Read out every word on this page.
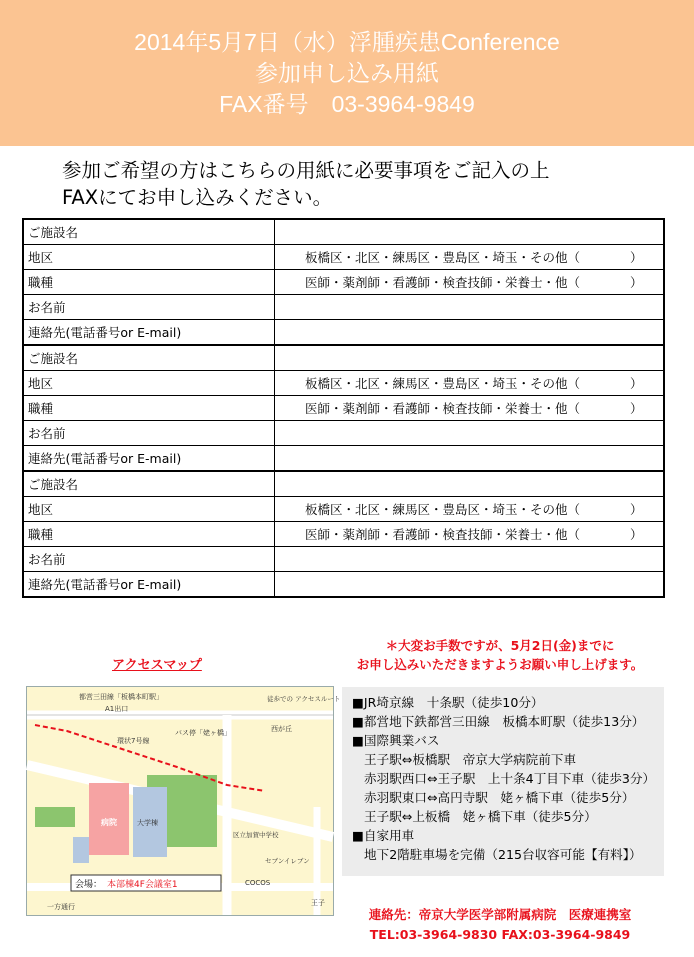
2014年5月7日（水）浮腫疾患Conference
参加申し込み用紙
FAX番号　03-3964-9849
参加ご希望の方はこちらの用紙に必要事項をご記入の上
FAXにてお申し込みください。
ご施設名	
地区	板橋区・北区・練馬区・豊島区・埼玉・その他（　　　　）
職種	医師・薬剤師・看護師・検査技師・栄養士・他（　　　　）
お名前	
連絡先(電話番号or E-mail)	
ご施設名	
地区	板橋区・北区・練馬区・豊島区・埼玉・その他（　　　　）
職種	医師・薬剤師・看護師・検査技師・栄養士・他（　　　　）
お名前	
連絡先(電話番号or E-mail)	
ご施設名	
地区	板橋区・北区・練馬区・豊島区・埼玉・その他（　　　　）
職種	医師・薬剤師・看護師・検査技師・栄養士・他（　　　　）
お名前	
連絡先(電話番号or E-mail)	
アクセスマップ
＊大変お手数ですが、5月2日(金)までに
お申し込みいただきますようお願い申し上げます。
都営三田線「板橋本町駅」
A1出口
環状7号線
バス停「姥ヶ橋」	西が丘
徒歩での アクセスルート
病院	大学棟
区立加賀中学校
COCOS
セブンイレブン
王子
一方通行
会場： 本部棟4F会議室1
■JR埼京線　十条駅（徒歩10分）
■都営地下鉄都営三田線　板橋本町駅（徒歩13分）
■国際興業バス
王子駅⇔板橋駅　帝京大学病院前下車
赤羽駅西口⇔王子駅　上十条4丁目下車（徒歩3分）
赤羽駅東口⇔高円寺駅　姥ヶ橋下車（徒歩5分）
王子駅⇔上板橋　姥ヶ橋下車（徒歩5分）
■自家用車
地下2階駐車場を完備（215台収容可能【有料】）
連絡先：帝京大学医学部附属病院　医療連携室
TEL:03-3964-9830 FAX:03-3964-9849
